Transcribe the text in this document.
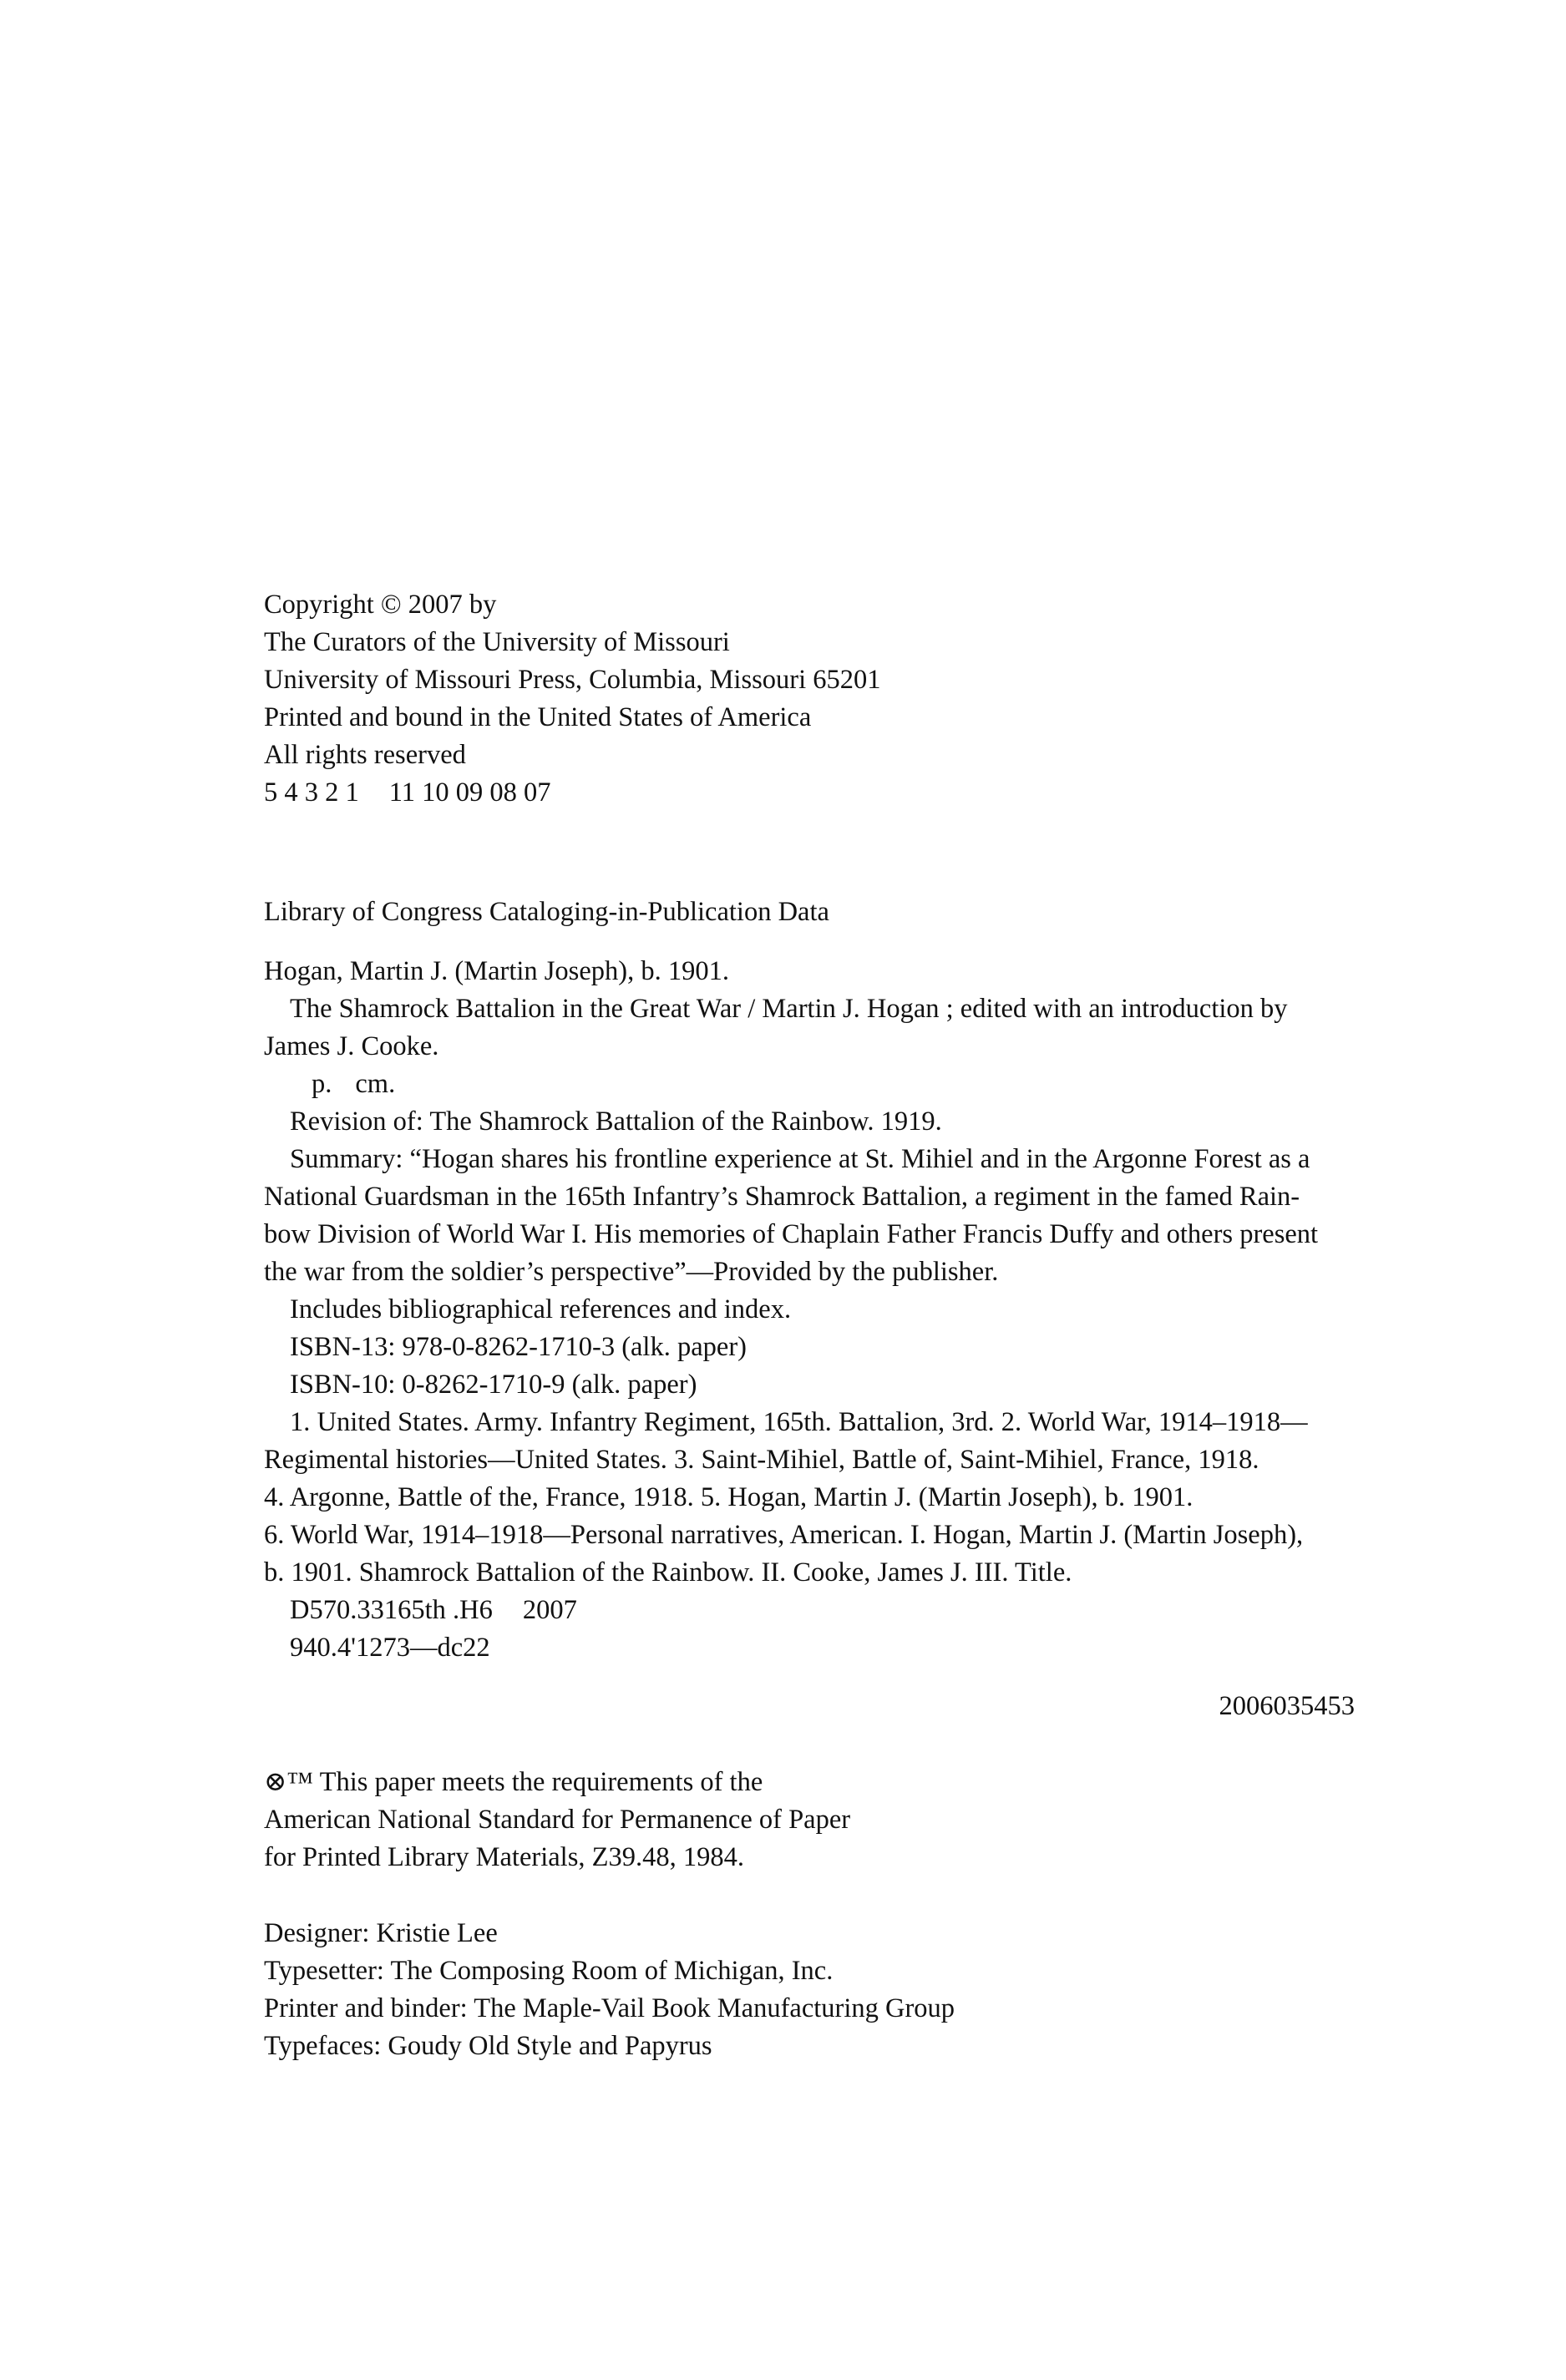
Copyright © 2007 by
The Curators of the University of Missouri
University of Missouri Press, Columbia, Missouri 65201
Printed and bound in the United States of America
All rights reserved
5 4 3 2 1 11 10 09 08 07
Library of Congress Cataloging-in-Publication Data
Hogan, Martin J. (Martin Joseph), b. 1901.
The Shamrock Battalion in the Great War / Martin J. Hogan ; edited with an introduction by
James J. Cooke.
p. cm.
Revision of: The Shamrock Battalion of the Rainbow. 1919.
Summary: “Hogan shares his frontline experience at St. Mihiel and in the Argonne Forest as a
National Guardsman in the 165th Infantry’s Shamrock Battalion, a regiment in the famed Rain-
bow Division of World War I. His memories of Chaplain Father Francis Duffy and others present
the war from the soldier’s perspective”—Provided by the publisher.
Includes bibliographical references and index.
ISBN-13: 978-0-8262-1710-3 (alk. paper)
ISBN-10: 0-8262-1710-9 (alk. paper)
1. United States. Army. Infantry Regiment, 165th. Battalion, 3rd. 2. World War, 1914–1918—
Regimental histories—United States. 3. Saint-Mihiel, Battle of, Saint-Mihiel, France, 1918.
4. Argonne, Battle of the, France, 1918. 5. Hogan, Martin J. (Martin Joseph), b. 1901.
6. World War, 1914–1918—Personal narratives, American. I. Hogan, Martin J. (Martin Joseph),
b. 1901. Shamrock Battalion of the Rainbow. II. Cooke, James J. III. Title.
D570.33165th .H6 2007
940.4'1273—dc22
2006035453
⊗™ This paper meets the requirements of the
American National Standard for Permanence of Paper
for Printed Library Materials, Z39.48, 1984.
Designer: Kristie Lee
Typesetter: The Composing Room of Michigan, Inc.
Printer and binder: The Maple-Vail Book Manufacturing Group
Typefaces: Goudy Old Style and Papyrus
